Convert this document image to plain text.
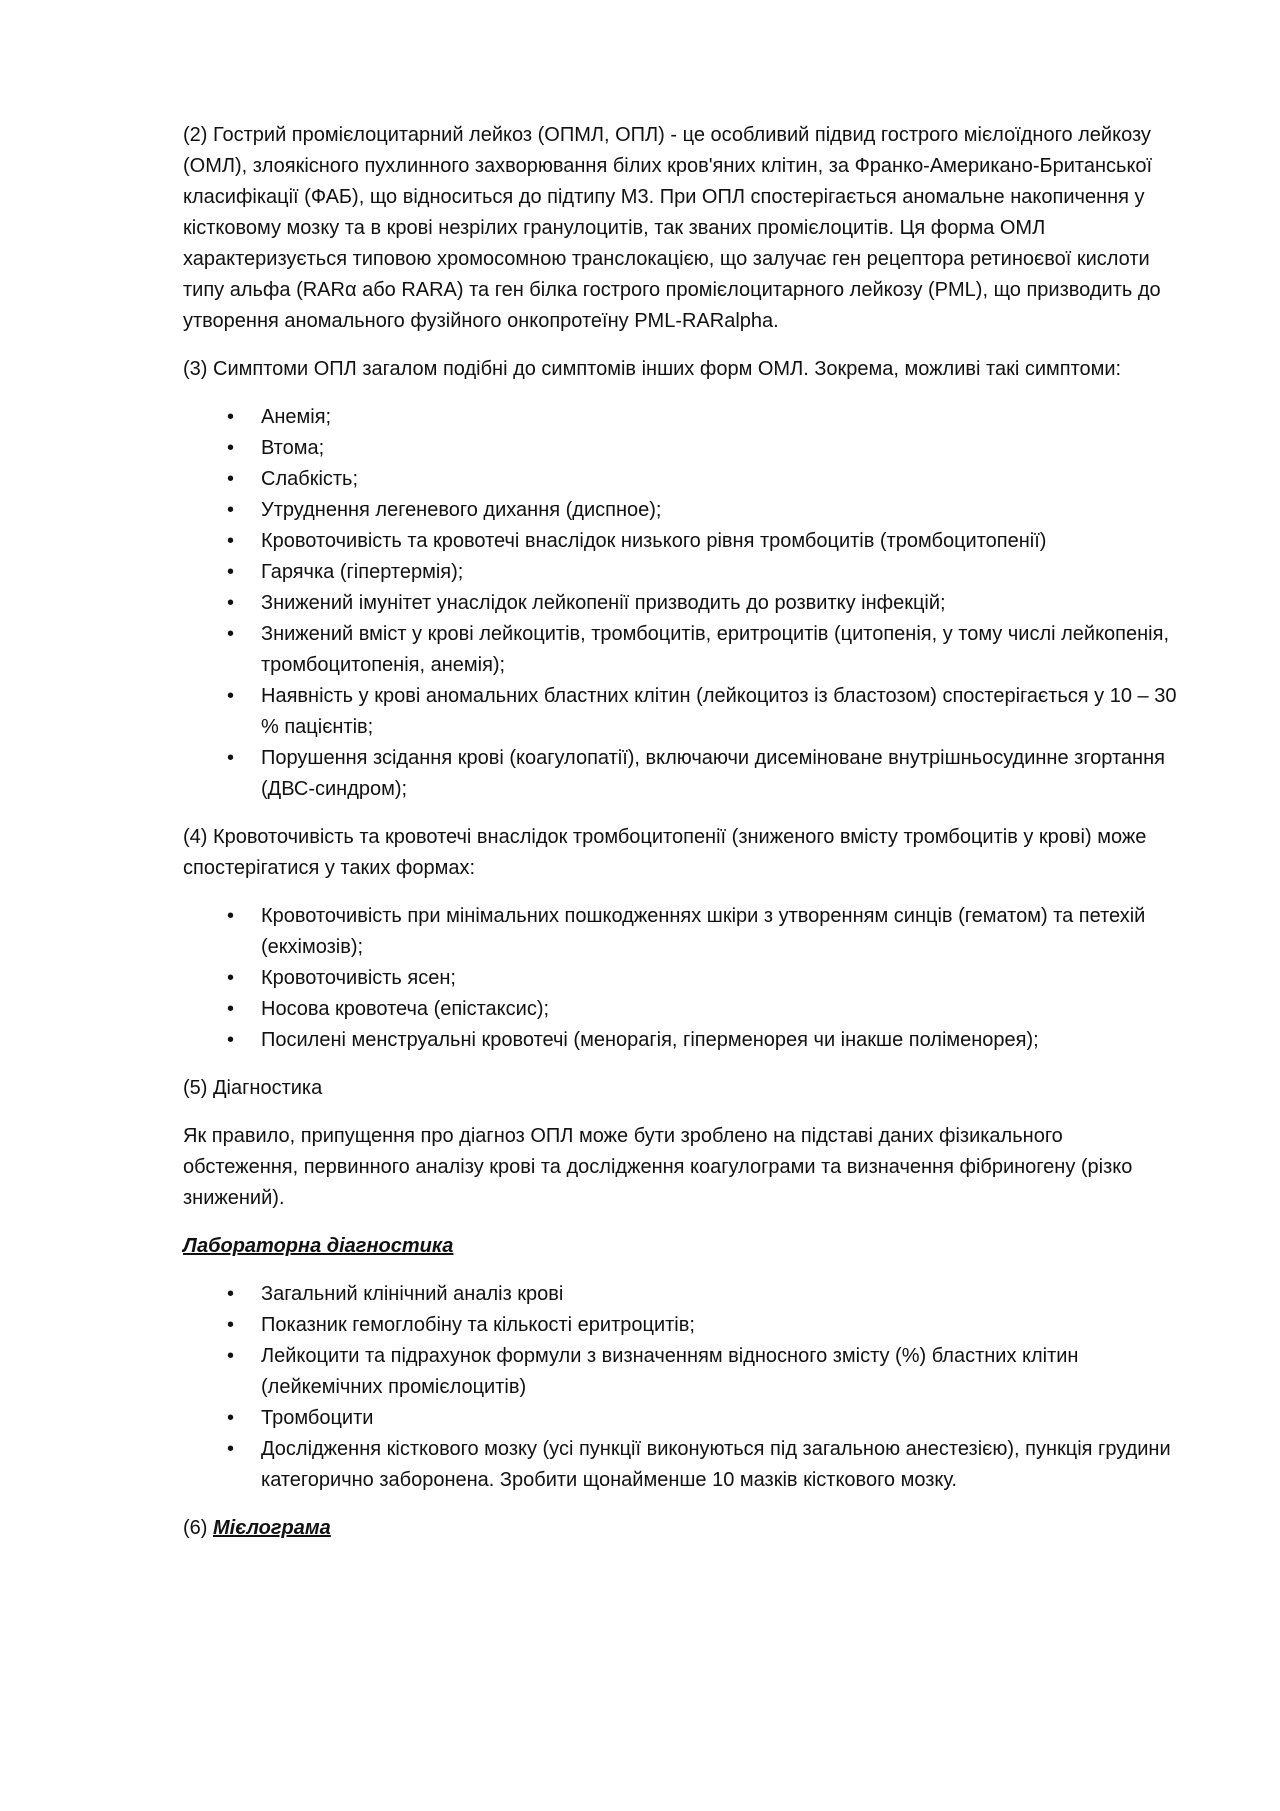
(2) Гострий промієлоцитарний лейкоз (ОПМЛ, ОПЛ) - це особливий підвид гострого мієлоїдного лейкозу (ОМЛ), злоякісного пухлинного захворювання білих кров'яних клітин, за Франко-Американо-Британської класифікації (ФАБ), що відноситься до підтипу М3. При ОПЛ спостерігається аномальне накопичення у кістковому мозку та в крові незрілих гранулоцитів, так званих промієлоцитів. Ця форма ОМЛ характеризується типовою хромосомною транслокацією, що залучає ген рецептора ретиноєвої кислоти типу альфа (RARα або RARA) та ген білка гострого промієлоцитарного лейкозу (PML), що призводить до утворення аномального фузійного онкопротеїну PML-RARalpha.

(3) Симптоми ОПЛ загалом подібні до симптомів інших форм ОМЛ. Зокрема, можливі такі симптоми:

• Анемія;
• Втома;
• Слабкість;
• Утруднення легеневого дихання (диспное);
• Кровоточивість та кровотечі внаслідок низького рівня тромбоцитів (тромбоцитопенії)
• Гарячка (гіпертермія);
• Знижений імунітет унаслідок лейкопенії призводить до розвитку інфекцій;
• Знижений вміст у крові лейкоцитів, тромбоцитів, еритроцитів (цитопенія, у тому числі лейкопенія, тромбоцитопенія, анемія);
• Наявність у крові аномальних бластних клітин (лейкоцитоз із бластозом) спостерігається у 10 – 30 % пацієнтів;
• Порушення зсідання крові (коагулопатії), включаючи дисеміноване внутрішньосудинне згортання (ДВС-синдром);

(4) Кровоточивість та кровотечі внаслідок тромбоцитопенії (зниженого вмісту тромбоцитів у крові) може спостерігатися у таких формах:

• Кровоточивість при мінімальних пошкодженнях шкіри з утворенням синців (гематом) та петехій (екхімозів);
• Кровоточивість ясен;
• Носова кровотеча (епістаксис);
• Посилені менструальні кровотечі (менорагія, гіперменорея чи інакше поліменорея);

(5) Діагностика

Як правило, припущення про діагноз ОПЛ може бути зроблено на підставі даних фізикального обстеження, первинного аналізу крові та дослідження коагулограми та визначення фібриногену (різко знижений).

Лабораторна діагностика

• Загальний клінічний аналіз крові
• Показник гемоглобіну та кількості еритроцитів;
• Лейкоцити та підрахунок формули з визначенням відносного змісту (%) бластних клітин (лейкемічних промієлоцитів)
• Тромбоцити
• Дослідження кісткового мозку (усі пункції виконуються під загальною анестезією), пункція грудини категорично заборонена. Зробити щонайменше 10 мазків кісткового мозку.

(6) Мієлограма
